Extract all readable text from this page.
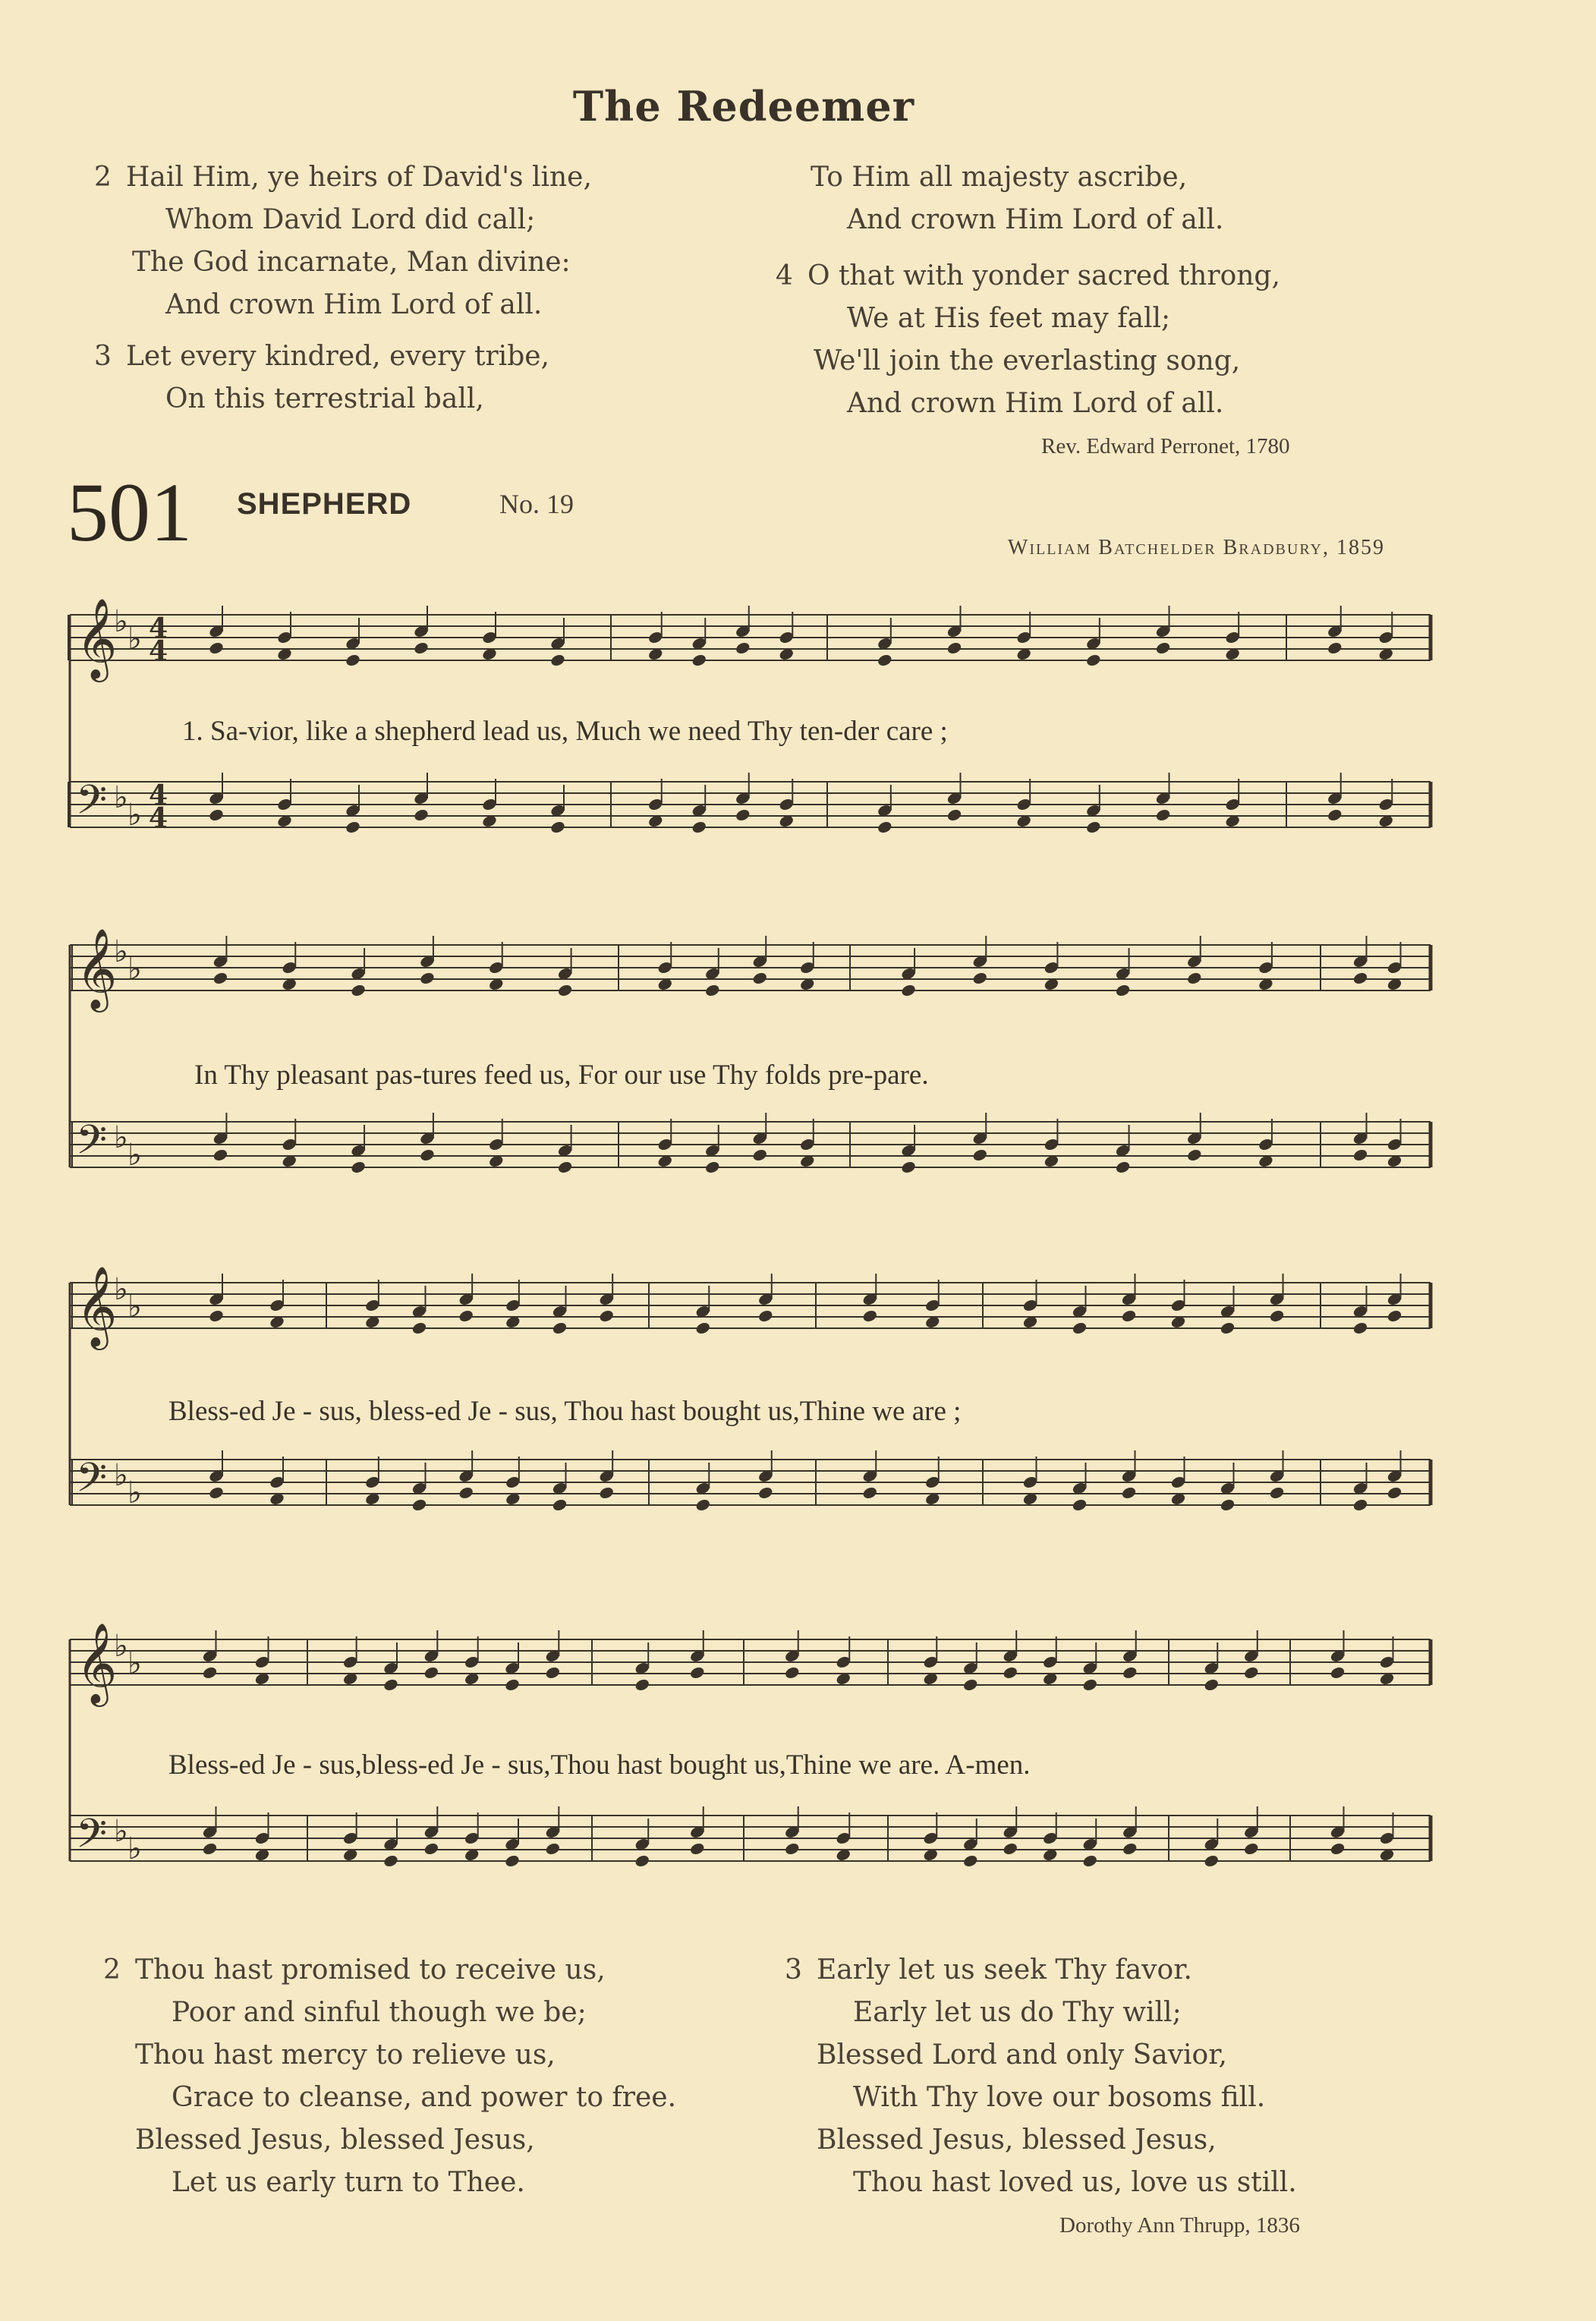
The Redeemer
2 Hail Him, ye heirs of David's line,
Whom David Lord did call;
The God incarnate, Man divine:
And crown Him Lord of all.
3 Let every kindred, every tribe,
On this terrestrial ball,
To Him all majesty ascribe,
And crown Him Lord of all.
4 O that with yonder sacred throng,
We at His feet may fall;
We'll join the everlasting song,
And crown Him Lord of all.
Rev. Edward Perronet, 1780
501 SHEPHERD	No. 19
William Batchelder Bradbury, 1859
𝄞
♭ ♭ 4
4
𝄢 ♭ ♭
4
4
𝄞
♭ ♭
𝄢 ♭ ♭
𝄞
♭ ♭
𝄢 ♭ ♭
𝄞
♭ ♭
𝄢 ♭ ♭
1. Sa-vior, like a shepherd lead us, Much we need Thy ten-der care ;
In Thy pleasant pas-tures feed us, For our use Thy folds pre-pare.
Bless-ed Je - sus, bless-ed Je - sus, Thou hast bought us,Thine we are ;
Bless-ed Je - sus,bless-ed Je - sus,Thou hast bought us,Thine we are. A-men.
2 Thou hast promised to receive us,
Poor and sinful though we be;
Thou hast mercy to relieve us,
Grace to cleanse, and power to free.
Blessed Jesus, blessed Jesus,
Let us early turn to Thee.
3 Early let us seek Thy favor.
Early let us do Thy will;
Blessed Lord and only Savior,
With Thy love our bosoms fill.
Blessed Jesus, blessed Jesus,
Thou hast loved us, love us still.
Dorothy Ann Thrupp, 1836
